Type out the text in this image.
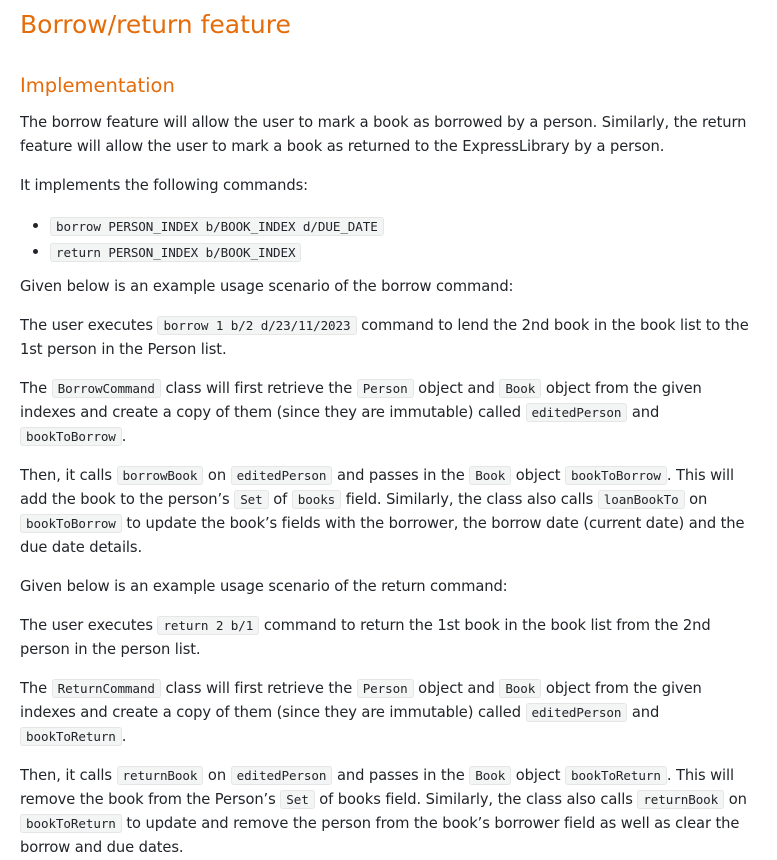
Borrow/return feature
Implementation

The borrow feature will allow the user to mark a book as borrowed by a person. Similarly, the return feature will allow the user to mark a book as returned to the ExpressLibrary by a person.

It implements the following commands:

• borrow PERSON_INDEX b/BOOK_INDEX d/DUE_DATE
• return PERSON_INDEX b/BOOK_INDEX

Given below is an example usage scenario of the borrow command:

The user executes borrow 1 b/2 d/23/11/2023 command to lend the 2nd book in the book list to the 1st person in the Person list.

The BorrowCommand class will first retrieve the Person object and Book object from the given indexes and create a copy of them (since they are immutable) called editedPerson and bookToBorrow .

Then, it calls borrowBook on editedPerson and passes in the Book object bookToBorrow . This will add the book to the person’s Set of books field. Similarly, the class also calls loanBookTo on bookToBorrow to update the book’s fields with the borrower, the borrow date (current date) and the due date details.

Given below is an example usage scenario of the return command:

The user executes return 2 b/1 command to return the 1st book in the book list from the 2nd person in the person list.

The ReturnCommand class will first retrieve the Person object and Book object from the given indexes and create a copy of them (since they are immutable) called editedPerson and bookToReturn .

Then, it calls returnBook on editedPerson and passes in the Book object bookToReturn . This will remove the book from the Person’s Set of books field. Similarly, the class also calls returnBook on bookToReturn to update and remove the person from the book’s borrower field as well as clear the borrow and due dates.
